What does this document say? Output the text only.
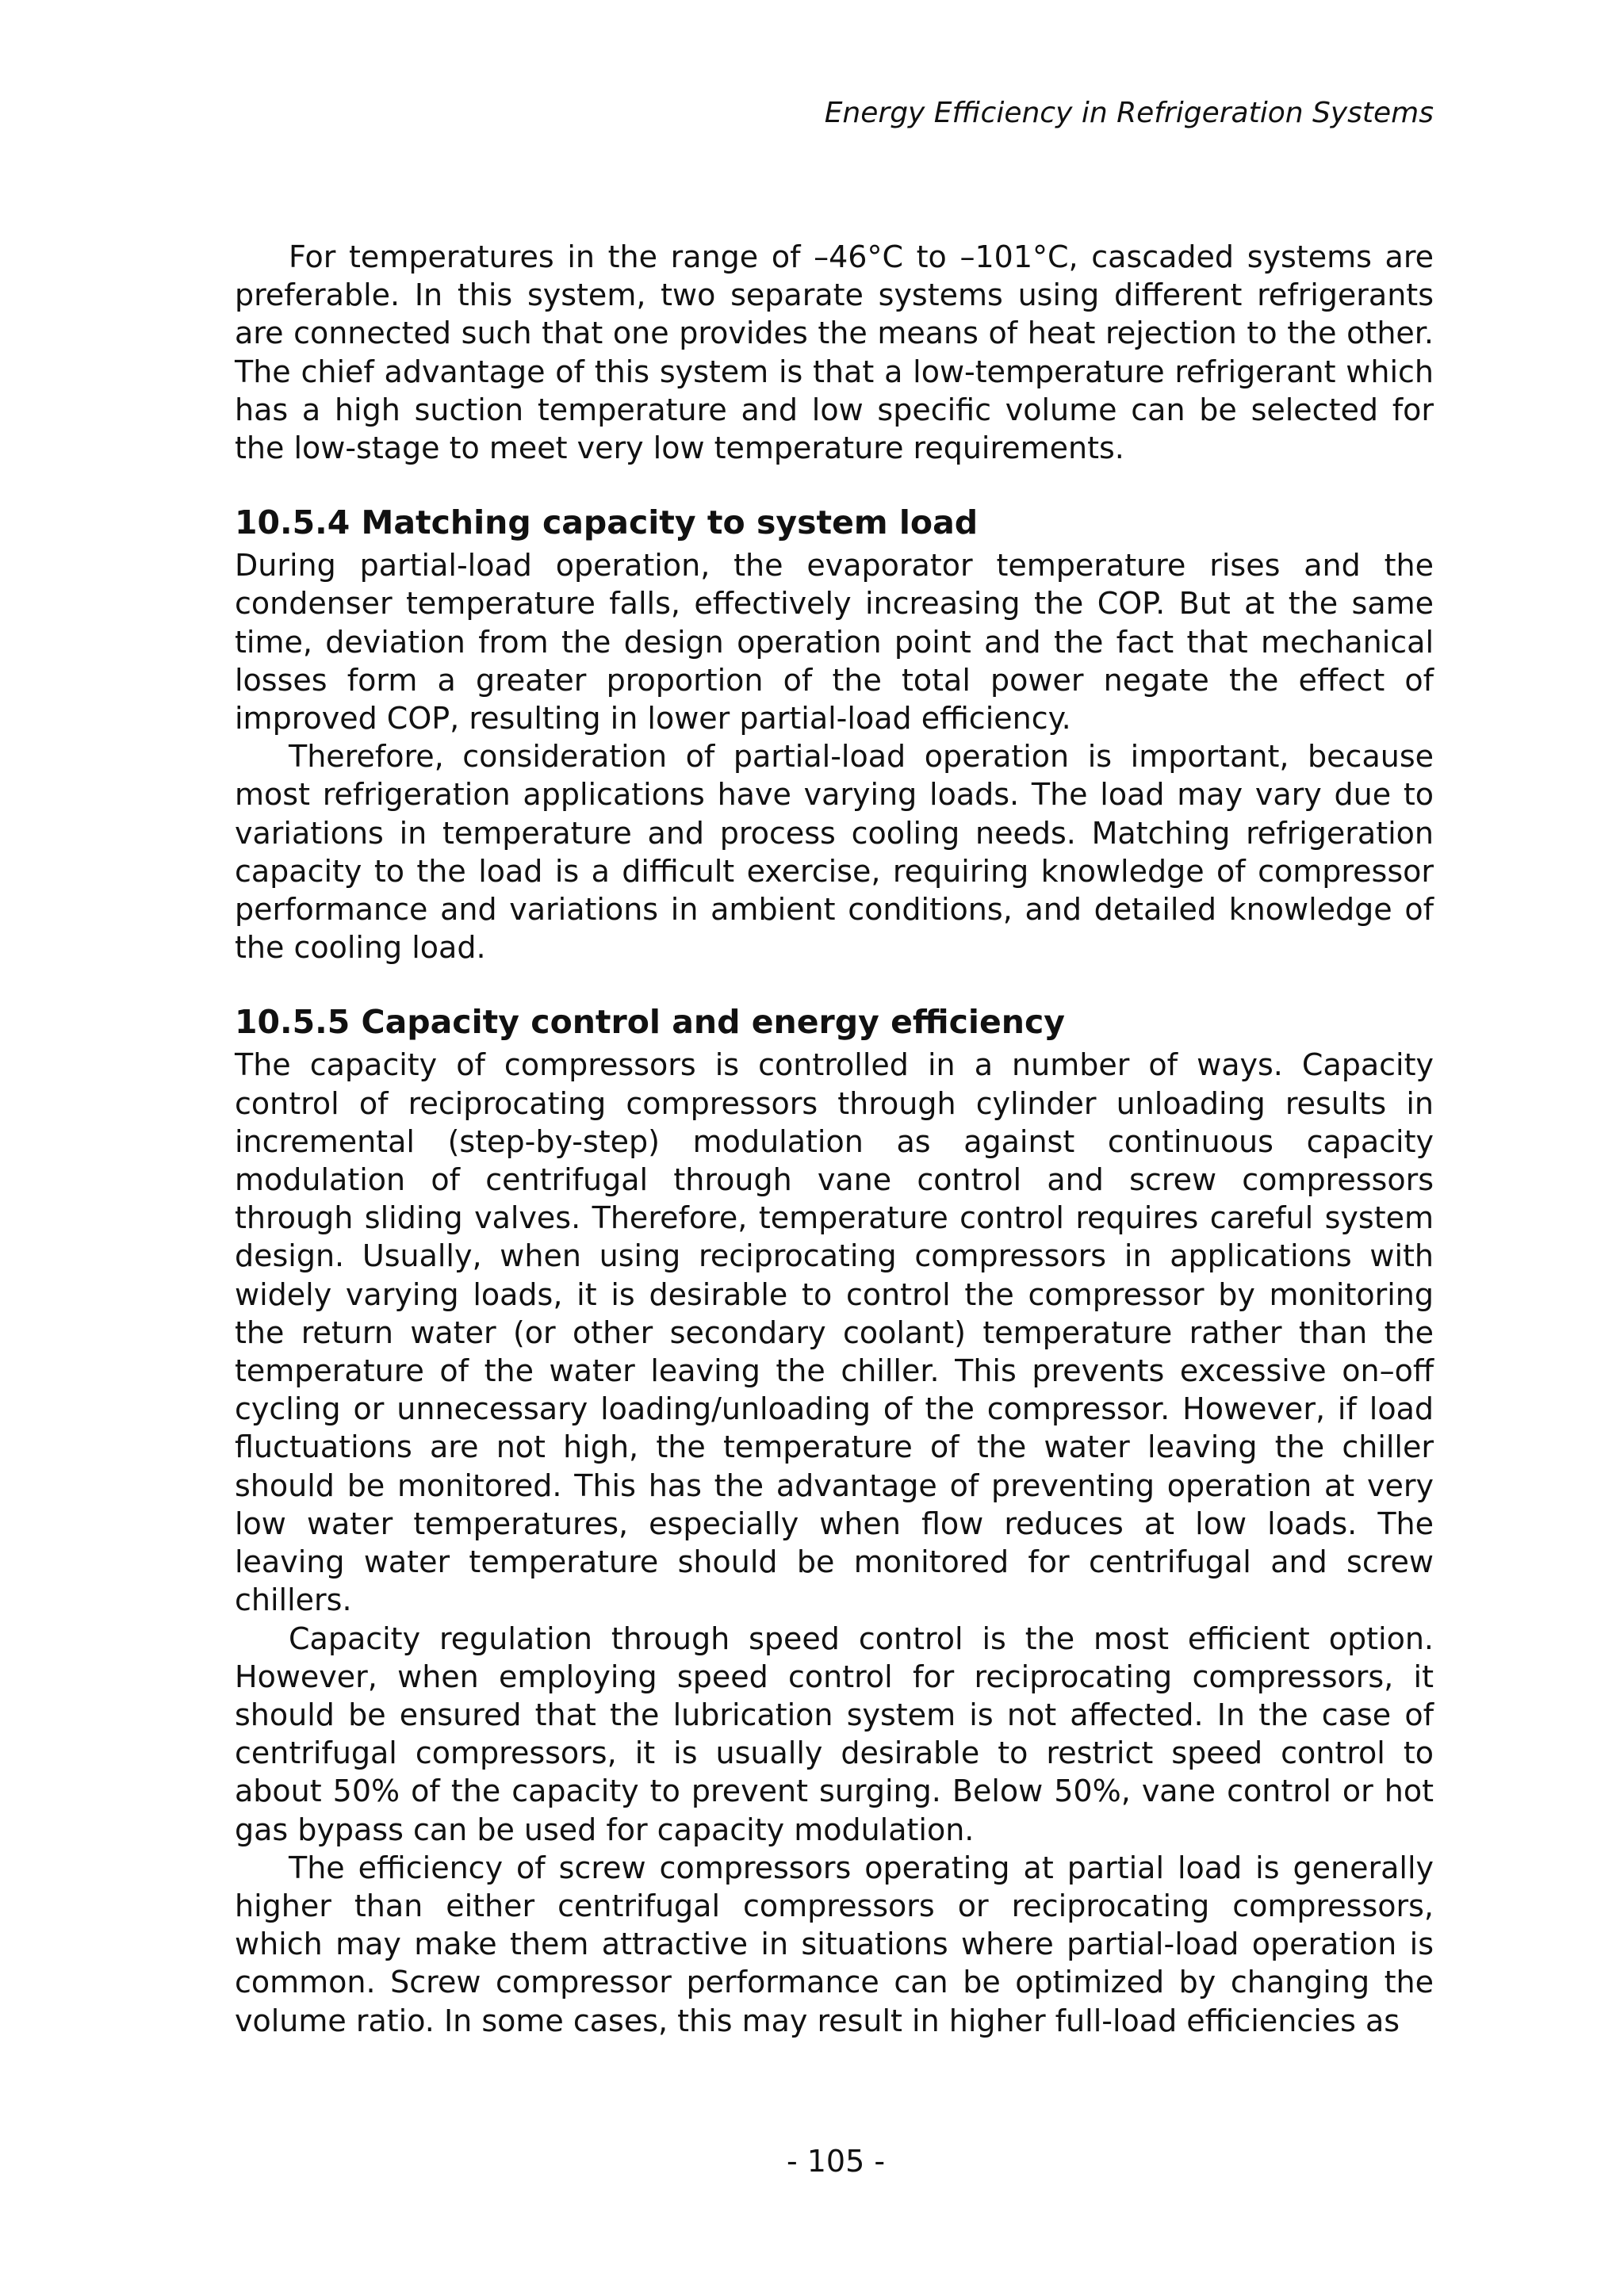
Energy Efficiency in Refrigeration Systems

For temperatures in the range of –46°C to –101°C, cascaded systems are preferable. In this system, two separate systems using different refrigerants are connected such that one provides the means of heat rejection to the other. The chief advantage of this system is that a low-temperature refrigerant which has a high suction temperature and low specific volume can be selected for the low-stage to meet very low temperature requirements.

10.5.4 Matching capacity to system load

During partial-load operation, the evaporator temperature rises and the condenser temperature falls, effectively increasing the COP. But at the same time, deviation from the design operation point and the fact that mechanical losses form a greater proportion of the total power negate the effect of improved COP, resulting in lower partial-load efficiency.

Therefore, consideration of partial-load operation is important, because most refrigeration applications have varying loads. The load may vary due to variations in temperature and process cooling needs. Matching refrigeration capacity to the load is a difficult exercise, requiring knowledge of compressor performance and variations in ambient conditions, and detailed knowledge of the cooling load.

10.5.5 Capacity control and energy efficiency

The capacity of compressors is controlled in a number of ways. Capacity control of reciprocating compressors through cylinder unloading results in incremental (step-by-step) modulation as against continuous capacity modulation of centrifugal through vane control and screw compressors through sliding valves. Therefore, temperature control requires careful system design. Usually, when using reciprocating compressors in applications with widely varying loads, it is desirable to control the compressor by monitoring the return water (or other secondary coolant) temperature rather than the temperature of the water leaving the chiller. This prevents excessive on–off cycling or unnecessary loading/unloading of the compressor. However, if load fluctuations are not high, the temperature of the water leaving the chiller should be monitored. This has the advantage of preventing operation at very low water temperatures, especially when flow reduces at low loads. The leaving water temperature should be monitored for centrifugal and screw chillers.

Capacity regulation through speed control is the most efficient option. However, when employing speed control for reciprocating compressors, it should be ensured that the lubrication system is not affected. In the case of centrifugal compressors, it is usually desirable to restrict speed control to about 50% of the capacity to prevent surging. Below 50%, vane control or hot gas bypass can be used for capacity modulation.

The efficiency of screw compressors operating at partial load is generally higher than either centrifugal compressors or reciprocating compressors, which may make them attractive in situations where partial-load operation is common. Screw compressor performance can be optimized by changing the volume ratio. In some cases, this may result in higher full-load efficiencies as

- 105 -
